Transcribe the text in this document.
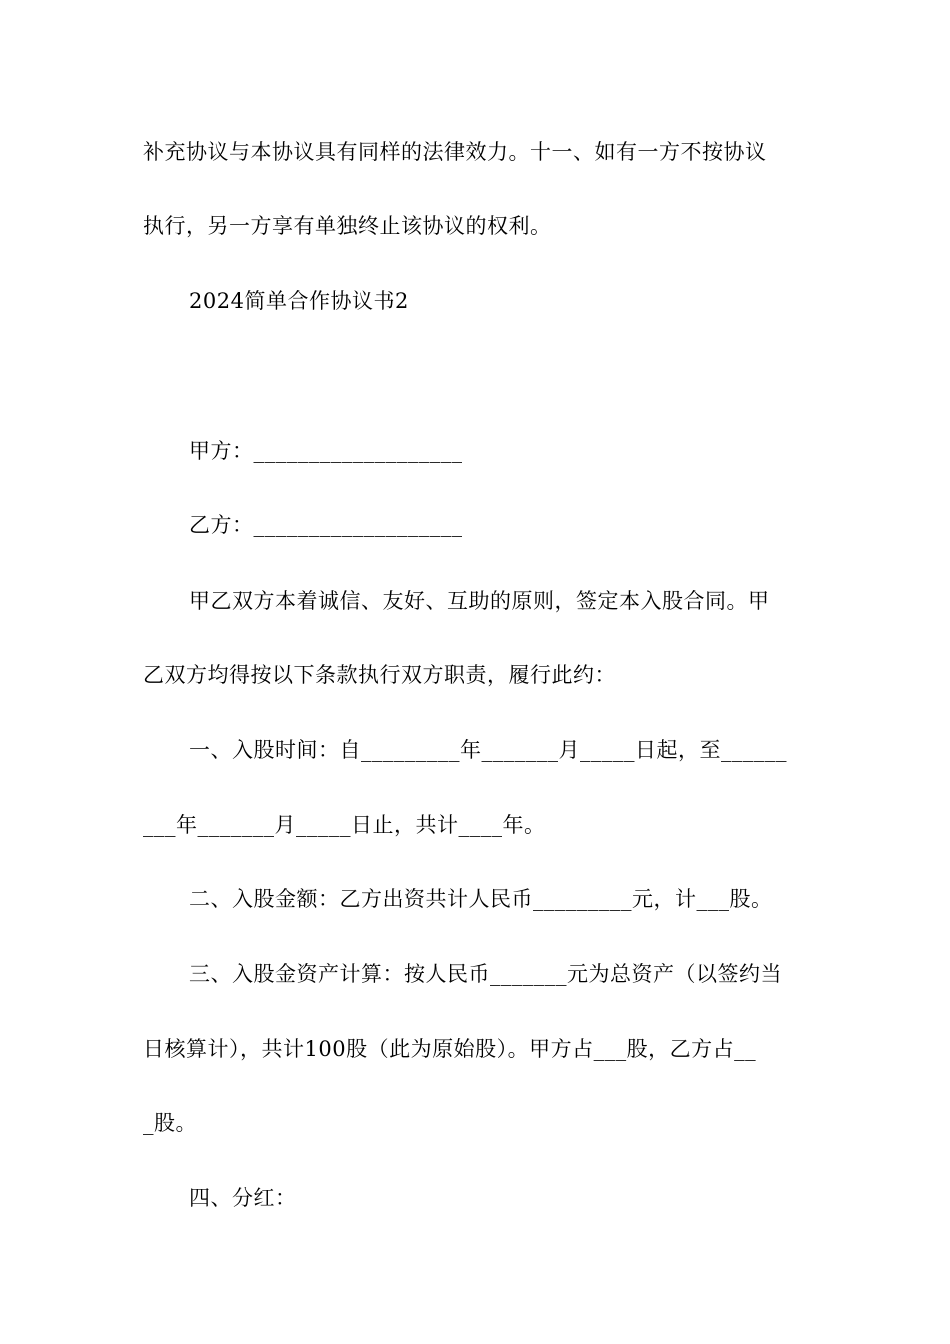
补充协议与本协议具有同样的法律效力。十一、如有一方不按协议
执行，另一方享有单独终止该协议的权利。
2024简单合作协议书2
甲方：___________________
乙方：___________________
甲乙双方本着诚信、友好、互助的原则，签定本入股合同。甲
乙双方均得按以下条款执行双方职责，履行此约：
一、入股时间：自_________年_______月_____日起，至______
___年_______月_____日止，共计____年。
二、入股金额：乙方出资共计人民币_________元，计___股。
三、入股金资产计算：按人民币_______元为总资产（以签约当
日核算计），共计100股（此为原始股）。甲方占___股，乙方占__
_股。
四、分红：
